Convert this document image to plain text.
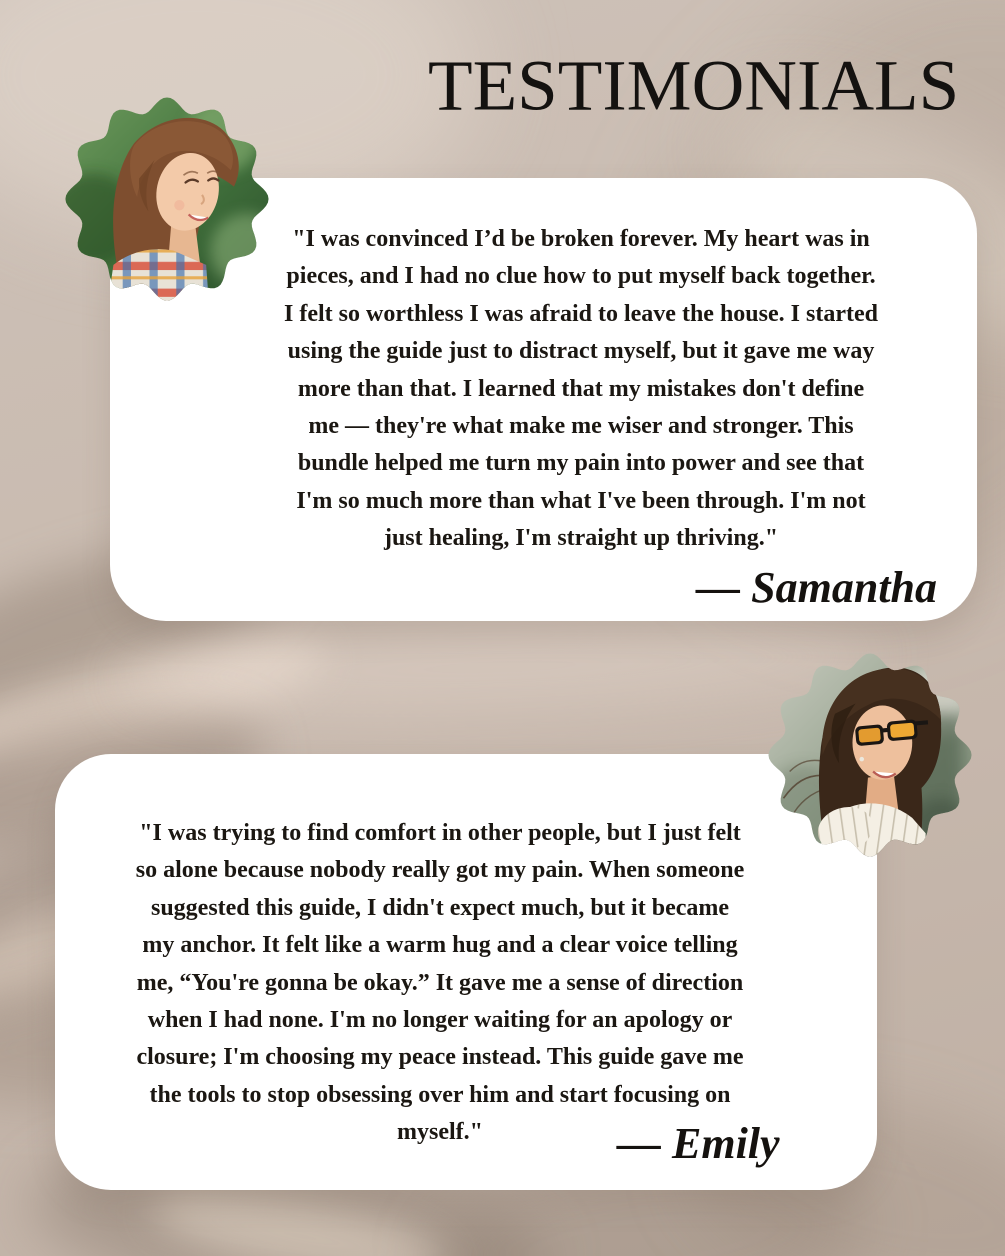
TESTIMONIALS
"I was convinced I’d be broken forever. My heart was in
pieces, and I had no clue how to put myself back together.
I felt so worthless I was afraid to leave the house. I started
using the guide just to distract myself, but it gave me way
more than that. I learned that my mistakes don't define
me — they're what make me wiser and stronger. This
bundle helped me turn my pain into power and see that
I'm so much more than what I've been through. I'm not
just healing, I'm straight up thriving."
— Samantha
"I was trying to find comfort in other people, but I just felt
so alone because nobody really got my pain. When someone
suggested this guide, I didn't expect much, but it became
my anchor. It felt like a warm hug and a clear voice telling
me, “You're gonna be okay.” It gave me a sense of direction
when I had none. I'm no longer waiting for an apology or
closure; I'm choosing my peace instead. This guide gave me
the tools to stop obsessing over him and start focusing on
myself."	— Emily
